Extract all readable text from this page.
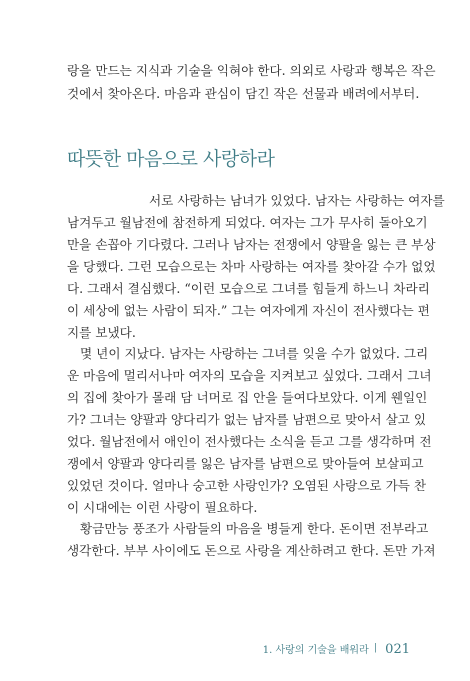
랑을 만드는 지식과 기술을 익혀야 한다. 의외로 사랑과 행복은 작은
것에서 찾아온다. 마음과 관심이 담긴 작은 선물과 배려에서부터.
따뜻한 마음으로 사랑하라
서로 사랑하는 남녀가 있었다. 남자는 사랑하는 여자를
남겨두고 월남전에 참전하게 되었다. 여자는 그가 무사히 돌아오기
만을 손꼽아 기다렸다. 그러나 남자는 전쟁에서 양팔을 잃는 큰 부상
을 당했다. 그런 모습으로는 차마 사랑하는 여자를 찾아갈 수가 없었
다. 그래서 결심했다. “이런 모습으로 그녀를 힘들게 하느니 차라리
이 세상에 없는 사람이 되자.” 그는 여자에게 자신이 전사했다는 편
지를 보냈다.
몇 년이 지났다. 남자는 사랑하는 그녀를 잊을 수가 없었다. 그리
운 마음에 멀리서나마 여자의 모습을 지켜보고 싶었다. 그래서 그녀
의 집에 찾아가 몰래 담 너머로 집 안을 들여다보았다. 이게 웬일인
가? 그녀는 양팔과 양다리가 없는 남자를 남편으로 맞아서 살고 있
었다. 월남전에서 애인이 전사했다는 소식을 듣고 그를 생각하며 전
쟁에서 양팔과 양다리를 잃은 남자를 남편으로 맞아들여 보살피고
있었던 것이다. 얼마나 숭고한 사랑인가? 오염된 사랑으로 가득 찬
이 시대에는 이런 사랑이 필요하다.
황금만능 풍조가 사람들의 마음을 병들게 한다. 돈이면 전부라고
생각한다. 부부 사이에도 돈으로 사랑을 계산하려고 한다. 돈만 가져
1. 사랑의 기술을 배워라 | 021
